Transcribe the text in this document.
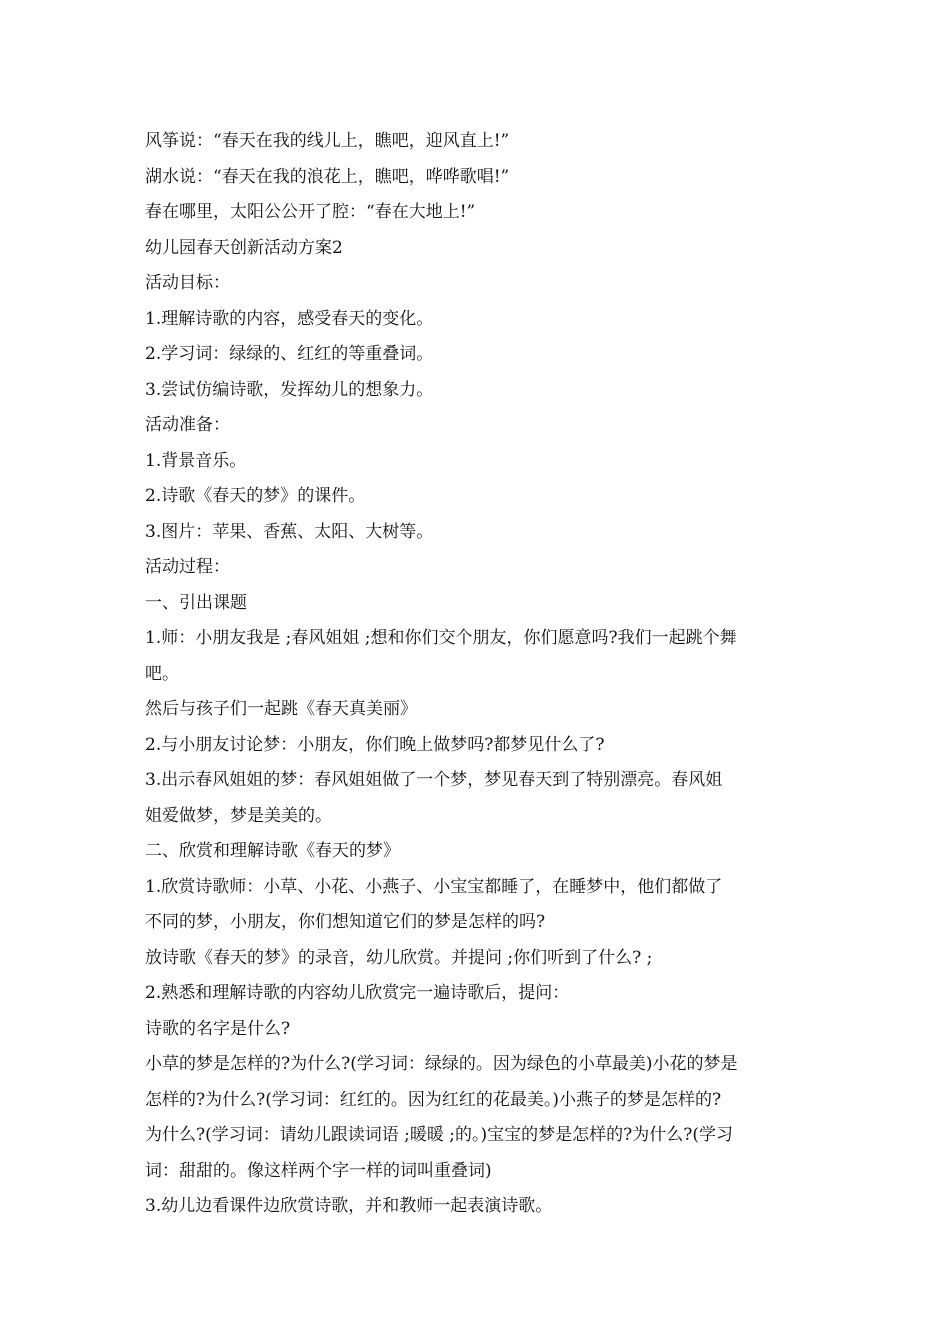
风筝说：“春天在我的线儿上，瞧吧，迎风直上!”
湖水说：“春天在我的浪花上，瞧吧，哗哗歌唱!”
春在哪里，太阳公公开了腔：“春在大地上!”
幼儿园春天创新活动方案2
活动目标：
1.理解诗歌的内容，感受春天的变化。
2.学习词：绿绿的、红红的等重叠词。
3.尝试仿编诗歌，发挥幼儿的想象力。
活动准备：
1.背景音乐。
2.诗歌《春天的梦》的课件。
3.图片：苹果、香蕉、太阳、大树等。
活动过程：
一、引出课题
1.师：小朋友我是 ;春风姐姐 ;想和你们交个朋友，你们愿意吗?我们一起跳个舞
吧。
然后与孩子们一起跳《春天真美丽》
2.与小朋友讨论梦：小朋友，你们晚上做梦吗?都梦见什么了?
3.出示春风姐姐的梦：春风姐姐做了一个梦，梦见春天到了特别漂亮。春风姐
姐爱做梦，梦是美美的。
二、欣赏和理解诗歌《春天的梦》
1.欣赏诗歌师：小草、小花、小燕子、小宝宝都睡了，在睡梦中，他们都做了
不同的梦，小朋友，你们想知道它们的梦是怎样的吗?
放诗歌《春天的梦》的录音，幼儿欣赏。并提问 ;你们听到了什么? ;
2.熟悉和理解诗歌的内容幼儿欣赏完一遍诗歌后，提问：
诗歌的名字是什么?
小草的梦是怎样的?为什么?(学习词：绿绿的。因为绿色的小草最美)小花的梦是
怎样的?为什么?(学习词：红红的。因为红红的花最美。)小燕子的梦是怎样的?
为什么?(学习词：请幼儿跟读词语 ;暖暖 ;的。)宝宝的梦是怎样的?为什么?(学习
词：甜甜的。像这样两个字一样的词叫重叠词)
3.幼儿边看课件边欣赏诗歌，并和教师一起表演诗歌。
